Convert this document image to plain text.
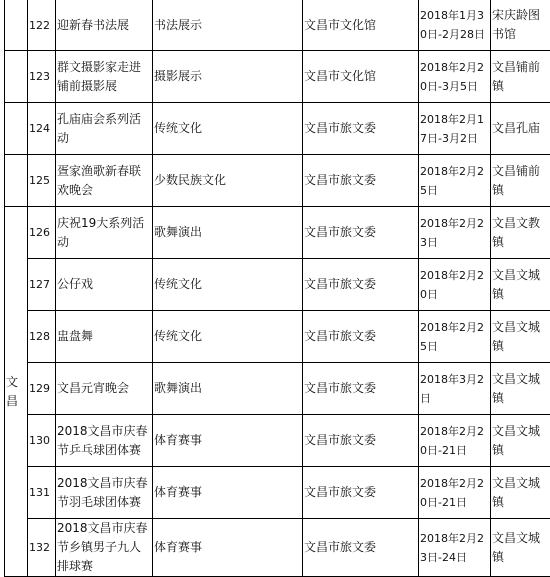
	122	迎新春书法展	书法展示	文昌市文化馆	2018年1月30日-2月28日	宋庆龄图书馆
	123	群文摄影家走进铺前摄影展	摄影展示	文昌市文化馆	2018年2月20日-3月5日	文昌铺前镇
	124	孔庙庙会系列活动	传统文化	文昌市旅文委	2018年2月17日-3月2日	文昌孔庙
	125	疍家渔歌新春联欢晚会	少数民族文化	文昌市旅文委	2018年2月25日	文昌铺前镇
文昌	126	庆祝19大系列活动	歌舞演出	文昌市旅文委	2018年2月23日	文昌文教镇
	127	公仔戏	传统文化	文昌市旅文委	2018年2月20日	文昌文城镇
	128	盅盘舞	传统文化	文昌市旅文委	2018年2月25日	文昌文城镇
	129	文昌元宵晚会	歌舞演出	文昌市旅文委	2018年3月2日	文昌文城镇
	130	2018文昌市庆春节乒乓球团体赛	体育赛事	文昌市旅文委	2018年2月20日-21日	文昌文城镇
	131	2018文昌市庆春节羽毛球团体赛	体育赛事	文昌市旅文委	2018年2月20日-21日	文昌文城镇
	132	2018文昌市庆春节乡镇男子九人排球赛	体育赛事	文昌市旅文委	2018年2月23日-24日	文昌文城镇
